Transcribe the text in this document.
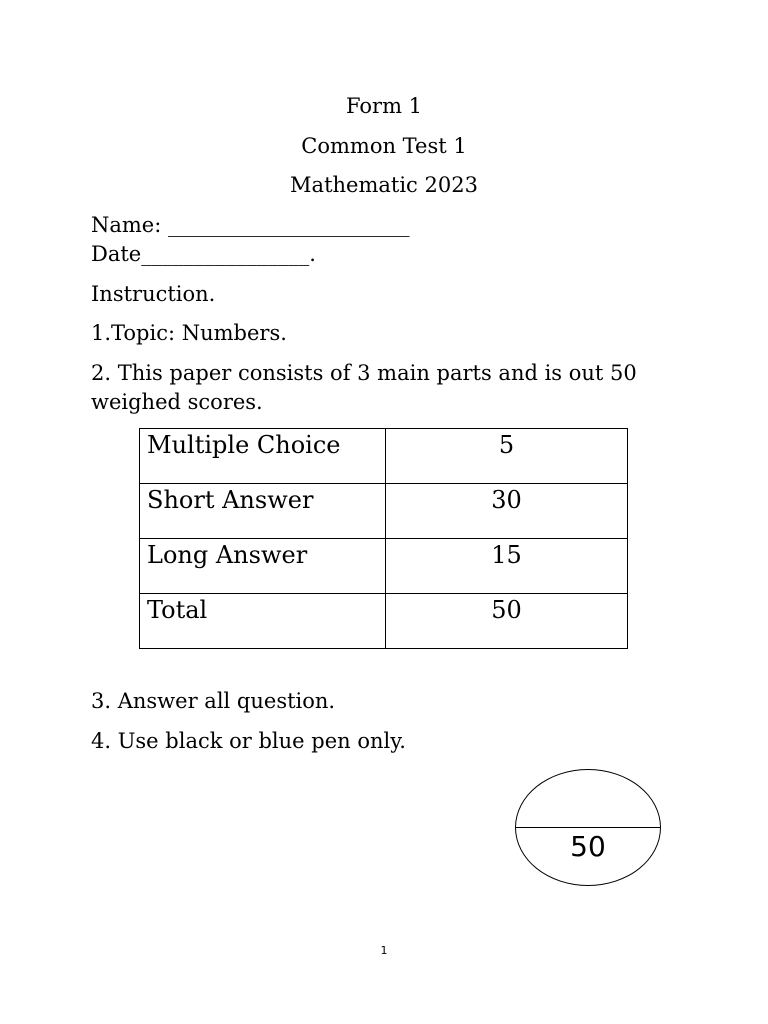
Form 1
Common Test 1
Mathematic 2023
Name: _______________________
Date________________.
Instruction.
1.Topic: Numbers.
2. This paper consists of 3 main parts and is out 50 weighed scores.
Multiple Choice	5
Short Answer	30
Long Answer	15
Total	50
3. Answer all question.
4. Use black or blue pen only.
50
1
